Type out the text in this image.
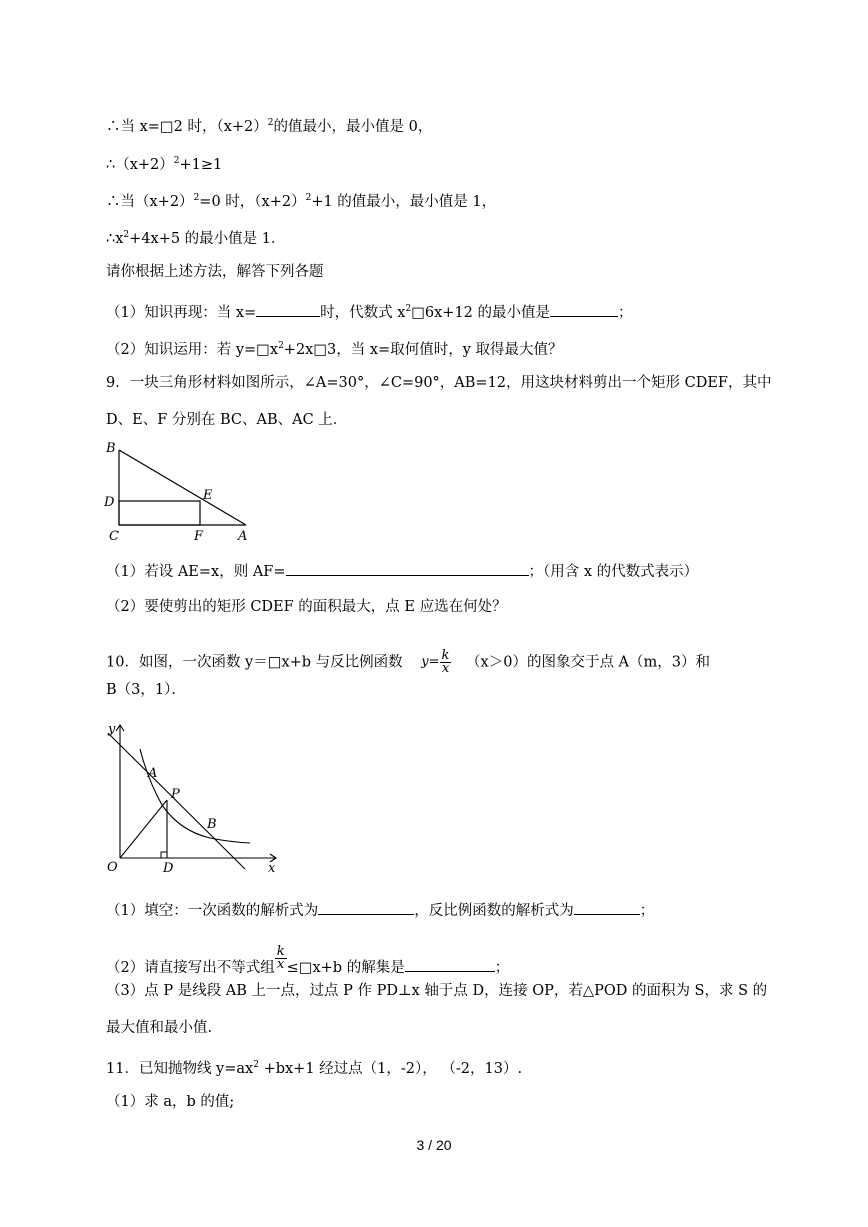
∴当 x=□2 时，$(x+2)^2$的值最小，最小值是 0，
$\therefore(x+2)^2+1\ge 1$
∴当$(x+2)^2=0$ 时，$(x+2)^2+1$ 的值最小，最小值是 1，
$\therefore x^2+4x+5$ 的最小值是 1．
请你根据上述方法，解答下列各题
（1）知识再现：当 x=	时，代数式 $x^2□6x+12$ 的最小值是	；
（2）知识运用：若 $y=□x^2+2x□3$，当 x=取何值时，y 取得最大值？
9．一块三角形材料如图所示，∠A=30°，∠C=90°，AB=12，用这块材料剪出一个矩形 CDEF，其中
D、E、F 分别在 BC、AB、AC 上．
B
D	E
C	F	A
（1）若设 AE=x，则 AF=	；（用含 x 的代数式表示）
（2）要使剪出的矩形 CDEF 的面积最大，点 E 应选在何处？
10．如图，一次函数 y＝□x+b 与反比例函数 $y= \frac{k}{x} (x>0)$的图象交于点 A（m，3）和
B（3，1）．
y
A
P
B
O	D	x
（1）填空：一次函数的解析式为	，反比例函数的解析式为	；
（2）请直接写出不等式组 $\frac{k}{x}$ ≤□x+b 的解集是	；
（3）点 P 是线段 AB 上一点，过点 P 作 PD⊥x 轴于点 D，连接 OP，若△POD 的面积为 S，求 S 的
最大值和最小值.
11．已知抛物线 $y=ax^2 +bx+1$ 经过点（1，-2）， （-2，13）.
（1）求 a，b 的值;
3 / 20
